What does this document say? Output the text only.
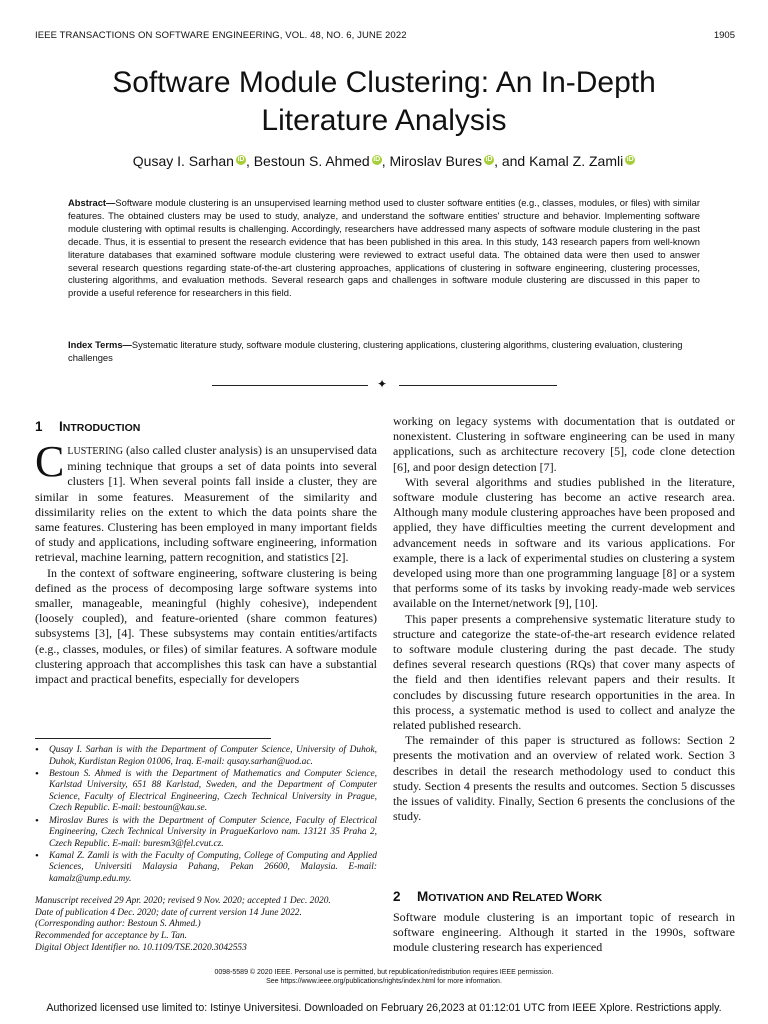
IEEE TRANSACTIONS ON SOFTWARE ENGINEERING, VOL. 48, NO. 6, JUNE 2022	1905
Software Module Clustering: An In-Depth
Literature Analysis
Qusay I. Sarhan iD , Bestoun S. Ahmed iD , Miroslav Bures iD , and Kamal Z. Zamli iD
Abstract—Software module clustering is an unsupervised learning method used to cluster software entities (e.g., classes, modules, or files) with similar features. The obtained clusters may be used to study, analyze, and understand the software entities' structure and behavior. Implementing software module clustering with optimal results is challenging. Accordingly, researchers have addressed many aspects of software module clustering in the past decade. Thus, it is essential to present the research evidence that has been published in this area. In this study, 143 research papers from well-known literature databases that examined software module clustering were reviewed to extract useful data. The obtained data were then used to answer several research questions regarding state-of-the-art clustering approaches, applications of clustering in software engineering, clustering processes, clustering algorithms, and evaluation methods. Several research gaps and challenges in software module clustering are discussed in this paper to provide a useful reference for researchers in this field.
Index Terms—Systematic literature study, software module clustering, clustering applications, clustering algorithms, clustering evaluation, clustering challenges
✦
1 INTRODUCTION

CLUSTERING (also called cluster analysis) is an unsupervised data mining technique that groups a set of data points into several clusters [1]. When several points fall inside a cluster, they are similar in some features. Measurement of the similarity and dissimilarity relies on the extent to which the data points share the same features. Clustering has been employed in many important fields of study and applications, including software engineering, information retrieval, machine learning, pattern recognition, and statistics [2].

In the context of software engineering, software clustering is being defined as the process of decomposing large software systems into smaller, manageable, meaningful (highly cohesive), independent (loosely coupled), and feature-oriented (share common features) subsystems [3], [4]. These subsystems may contain entities/artifacts (e.g., classes, modules, or files) of similar features. A software module clustering approach that accomplishes this task can have a substantial impact and practical benefits, especially for developers

• Qusay I. Sarhan is with the Department of Computer Science, University of Duhok, Duhok, Kurdistan Region 01006, Iraq. E-mail: qusay.sarhan@uod.ac.
• Bestoun S. Ahmed is with the Department of Mathematics and Computer Science, Karlstad University, 651 88 Karlstad, Sweden, and the Department of Computer Science, Faculty of Electrical Engineering, Czech Technical University in Prague, Czech Republic. E-mail: bestoun@kau.se.
• Miroslav Bures is with the Department of Computer Science, Faculty of Electrical Engineering, Czech Technical University in PragueKarlovo nam. 13121 35 Praha 2, Czech Republic. E-mail: buresm3@fel.cvut.cz.
• Kamal Z. Zamli is with the Faculty of Computing, College of Computing and Applied Sciences, Universiti Malaysia Pahang, Pekan 26600, Malaysia. E-mail: kamalz@ump.edu.my.
Manuscript received 29 Apr. 2020; revised 9 Nov. 2020; accepted 1 Dec. 2020.
Date of publication 4 Dec. 2020; date of current version 14 June 2022.
(Corresponding author: Bestoun S. Ahmed.)
Recommended for acceptance by L. Tan.
Digital Object Identifier no. 10.1109/TSE.2020.3042553

working on legacy systems with documentation that is outdated or nonexistent. Clustering in software engineering can be used in many applications, such as architecture recovery [5], code clone detection [6], and poor design detection [7].

With several algorithms and studies published in the literature, software module clustering has become an active research area. Although many module clustering approaches have been proposed and applied, they have difficulties meeting the current development and advancement needs in software and its various applications. For example, there is a lack of experimental studies on clustering a system developed using more than one programming language [8] or a system that performs some of its tasks by invoking ready-made web services available on the Internet/network [9], [10].

This paper presents a comprehensive systematic literature study to structure and categorize the state-of-the-art research evidence related to software module clustering during the past decade. The study defines several research questions (RQs) that cover many aspects of the field and then identifies relevant papers and their results. It concludes by discussing future research opportunities in the area. In this process, a systematic method is used to collect and analyze the related published research.

The remainder of this paper is structured as follows: Section 2 presents the motivation and an overview of related work. Section 3 describes in detail the research methodology used to conduct this study. Section 4 presents the results and outcomes. Section 5 discusses the issues of validity. Finally, Section 6 presents the conclusions of the study.

2 MOTIVATION AND RELATED WORK

Software module clustering is an important topic of research in software engineering. Although it started in the 1990s, software module clustering research has experienced

0098-5589 © 2020 IEEE. Personal use is permitted, but republication/redistribution requires IEEE permission.
See https://www.ieee.org/publications/rights/index.html for more information.
Authorized licensed use limited to: Istinye Universitesi. Downloaded on February 26,2023 at 01:12:01 UTC from IEEE Xplore. Restrictions apply.
